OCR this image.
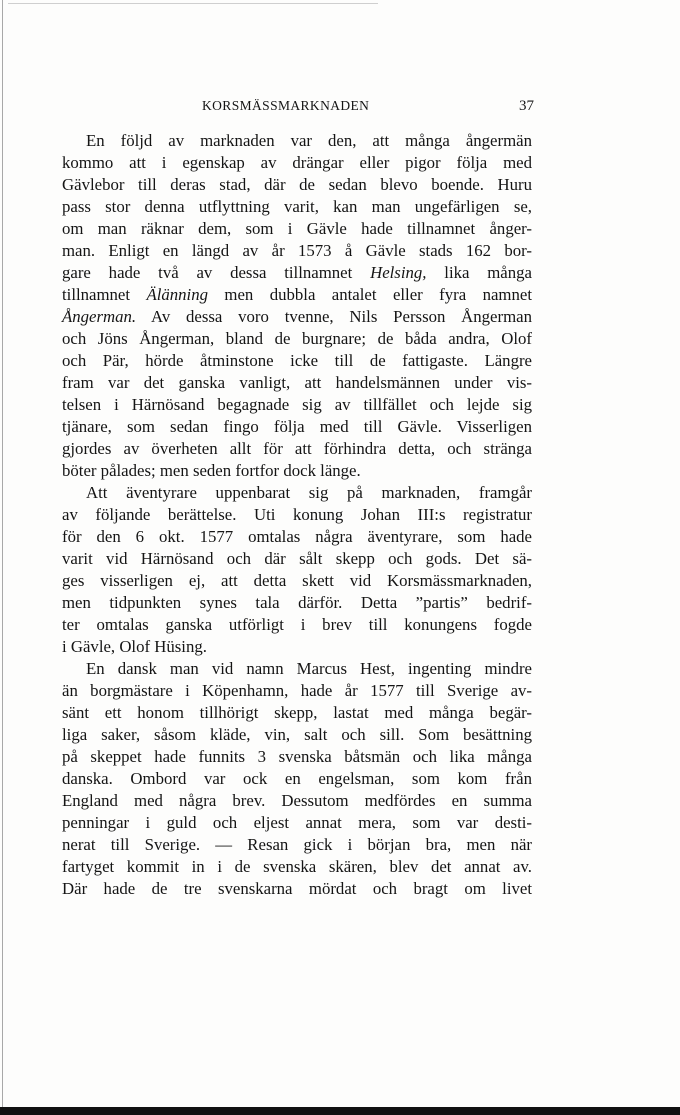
KORSMÄSSMARKNADEN	37
En följd av marknaden var den, att många ångermän
kommo att i egenskap av drängar eller pigor följa med
Gävlebor till deras stad, där de sedan blevo boende. Huru
pass stor denna utflyttning varit, kan man ungefärligen se,
om man räknar dem, som i Gävle hade tillnamnet ånger-
man. Enligt en längd av år 1573 å Gävle stads 162 bor-
gare hade två av dessa tillnamnet Helsing, lika många
tillnamnet Älänning men dubbla antalet eller fyra namnet
Ångerman. Av dessa voro tvenne, Nils Persson Ångerman
och Jöns Ångerman, bland de burgnare; de båda andra, Olof
och Pär, hörde åtminstone icke till de fattigaste. Längre
fram var det ganska vanligt, att handelsmännen under vis-
telsen i Härnösand begagnade sig av tillfället och lejde sig
tjänare, som sedan fingo följa med till Gävle. Visserligen
gjordes av överheten allt för att förhindra detta, och stränga
böter pålades; men seden fortfor dock länge.
Att äventyrare uppenbarat sig på marknaden, framgår
av följande berättelse. Uti konung Johan III:s registratur
för den 6 okt. 1577 omtalas några äventyrare, som hade
varit vid Härnösand och där sålt skepp och gods. Det sä-
ges visserligen ej, att detta skett vid Korsmässmarknaden,
men tidpunkten synes tala därför. Detta ”partis” bedrif-
ter omtalas ganska utförligt i brev till konungens fogde
i Gävle, Olof Hüsing.
En dansk man vid namn Marcus Hest, ingenting mindre
än borgmästare i Köpenhamn, hade år 1577 till Sverige av-
sänt ett honom tillhörigt skepp, lastat med många begär-
liga saker, såsom kläde, vin, salt och sill. Som besättning
på skeppet hade funnits 3 svenska båtsmän och lika många
danska. Ombord var ock en engelsman, som kom från
England med några brev. Dessutom medfördes en summa
penningar i guld och eljest annat mera, som var desti-
nerat till Sverige. — Resan gick i början bra, men när
fartyget kommit in i de svenska skären, blev det annat av.
Där hade de tre svenskarna mördat och bragt om livet
